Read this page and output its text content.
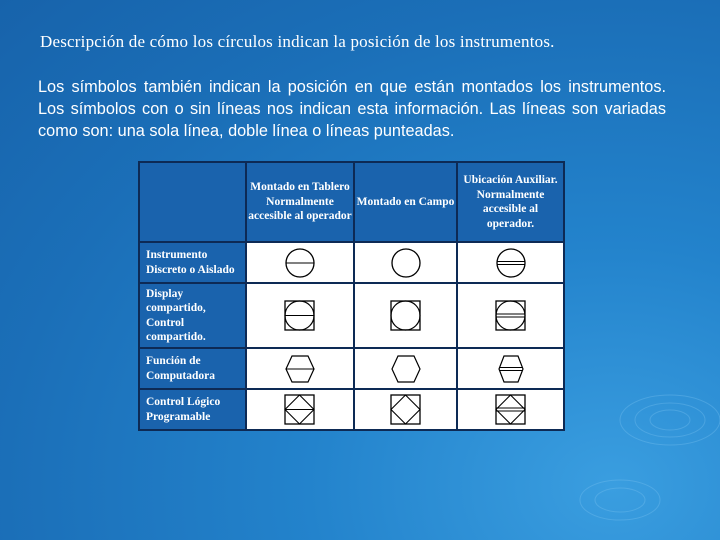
Descripción de cómo los círculos indican la posición de los instrumentos.
Los símbolos también indican la posición en que están montados los instrumentos. Los símbolos con o sin líneas nos indican esta información. Las líneas son variadas como son: una sola línea, doble línea o líneas punteadas.
	Montado en Tablero Normalmente accesible al operador	Montado en Campo	Ubicación Auxiliar. Normalmente accesible al operador.
Instrumento Discreto o Aislado	

Display compartido, Control compartido.	

Función de Computadora	

Control Lógico Programable	
